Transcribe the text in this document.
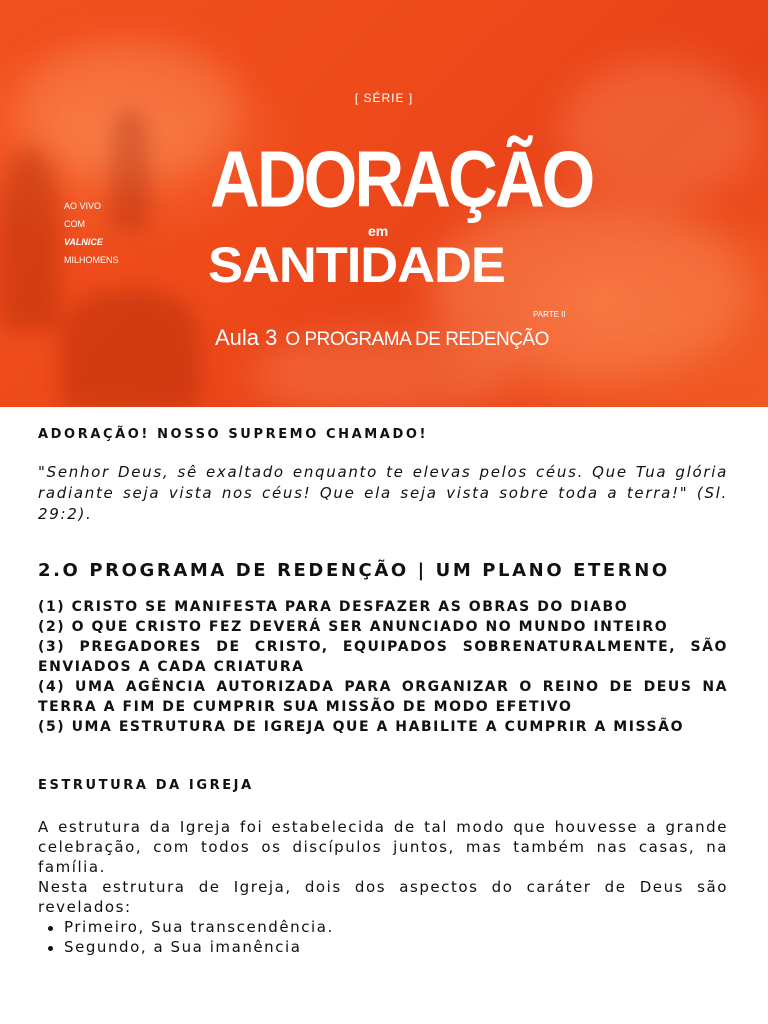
[ SÉRIE ]
ADORAÇÃO
em
SANTIDADE
PARTE II
Aula 3 O PROGRAMA DE REDENÇÃO
AO VIVO
COM
VALNICE
MILHOMENS
ADORAÇÃO! NOSSO SUPREMO CHAMADO!
"Senhor Deus, sê exaltado enquanto te elevas pelos céus. Que Tua glória radiante seja vista nos céus! Que ela seja vista sobre toda a terra!" (Sl. 29:2).
2.O PROGRAMA DE REDENÇÃO | UM PLANO ETERNO
(1) CRISTO SE MANIFESTA PARA DESFAZER AS OBRAS DO DIABO
(2) O QUE CRISTO FEZ DEVERÁ SER ANUNCIADO NO MUNDO INTEIRO
(3) PREGADORES DE CRISTO, EQUIPADOS SOBRENATURALMENTE, SÃO ENVIADOS A CADA CRIATURA
(4) UMA AGÊNCIA AUTORIZADA PARA ORGANIZAR O REINO DE DEUS NA TERRA A FIM DE CUMPRIR SUA MISSÃO DE MODO EFETIVO
(5) UMA ESTRUTURA DE IGREJA QUE A HABILITE A CUMPRIR A MISSÃO
ESTRUTURA DA IGREJA
A estrutura da Igreja foi estabelecida de tal modo que houvesse a grande celebração, com todos os discípulos juntos, mas também nas casas, na família.
Nesta estrutura de Igreja, dois dos aspectos do caráter de Deus são revelados:
Primeiro, Sua transcendência.
Segundo, a Sua imanência
